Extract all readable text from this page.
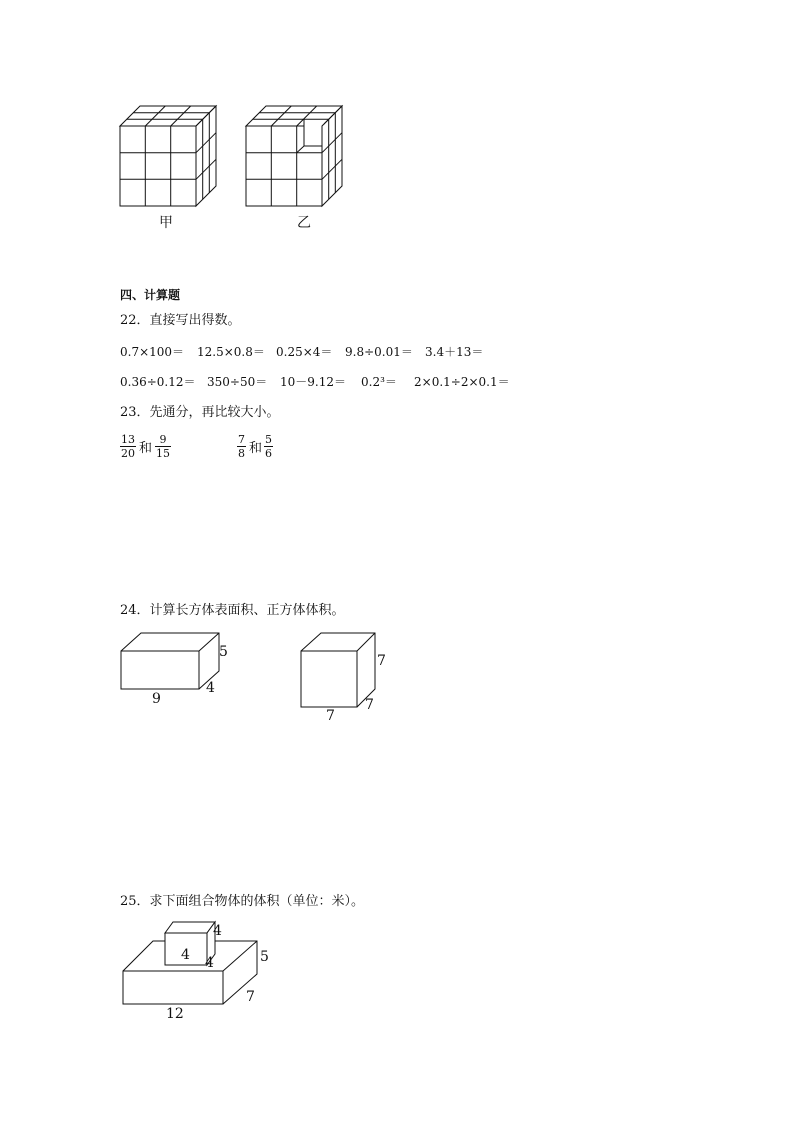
甲	乙
四、计算题
22．直接写出得数。
0.7×100＝ 12.5×0.8＝ 0.25×4＝ 9.8÷0.01＝ 3.4＋13＝
0.36÷0.12＝ 350÷50＝ 10－9.12＝ 0.2³＝ 2×0.1÷2×0.1＝
23．先通分，再比较大小。
$\frac{13}{20}$ 和 $\frac{9}{15}$	$\frac{7}{8}$ 和 $\frac{5}{6}$
24．计算长方体表面积、正方体体积。
5
4
9
7
7
7
25．求下面组合物体的体积（单位：米）。
4
4 4	5
7
12
